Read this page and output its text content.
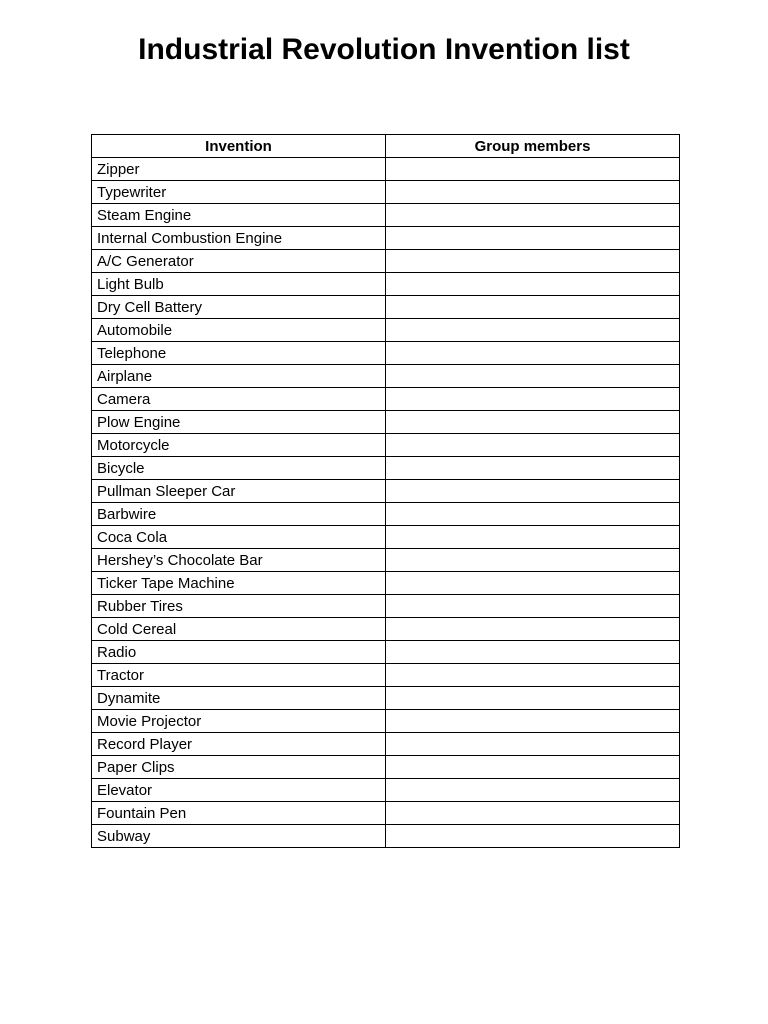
Industrial Revolution Invention list
Invention	Group members
Zipper	
Typewriter	
Steam Engine	
Internal Combustion Engine	
A/C Generator	
Light Bulb	
Dry Cell Battery	
Automobile	
Telephone	
Airplane	
Camera	
Plow Engine	
Motorcycle	
Bicycle	
Pullman Sleeper Car	
Barbwire	
Coca Cola	
Hershey’s Chocolate Bar	
Ticker Tape Machine	
Rubber Tires	
Cold Cereal	
Radio	
Tractor	
Dynamite	
Movie Projector	
Record Player	
Paper Clips	
Elevator	
Fountain Pen	
Subway	
